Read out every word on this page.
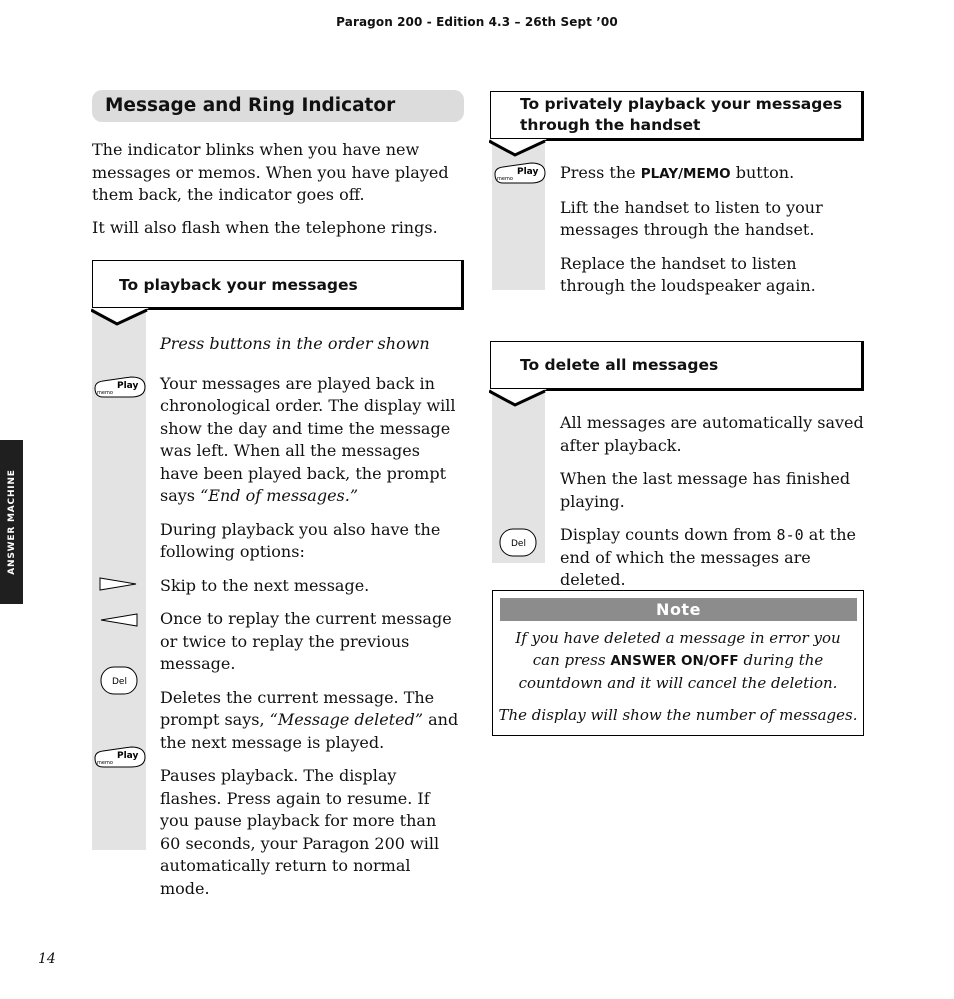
Paragon 200 - Edition 4.3 – 26th Sept ’00
ANSWER MACHINE
14
Message and Ring Indicator

The indicator blinks when you have new messages or memos. When you have played them back, the indicator goes off.

It will also flash when the telephone rings.

To playback your messages

Press buttons in the order shown

Your messages are played back in chronological order. The display will show the day and time the message was left. When all the messages have been played back, the prompt says “End of messages.”

During playback you also have the following options:

Skip to the next message.

Once to replay the current message or twice to replay the previous message.

Deletes the current message. The prompt says, “Message deleted” and the next message is played.

Pauses playback. The display flashes. Press again to resume. If you pause playback for more than 60 seconds, your Paragon 200 will automatically return to normal mode.

Play
memo
Del
Play
memo
To privately playback your messages
through the handset
Play
memo	Press the PLAY/MEMO button.

Lift the handset to listen to your messages through the handset.

Replace the handset to listen through the loudspeaker again.

To delete all messages
Del

All messages are automatically saved after playback.

When the last message has finished playing.

Display counts down from 8-0 at the end of which the messages are deleted.

Note
If you have deleted a message in error you
can press ANSWER ON/OFF during the
countdown and it will cancel the deletion.
The display will show the number of messages.
